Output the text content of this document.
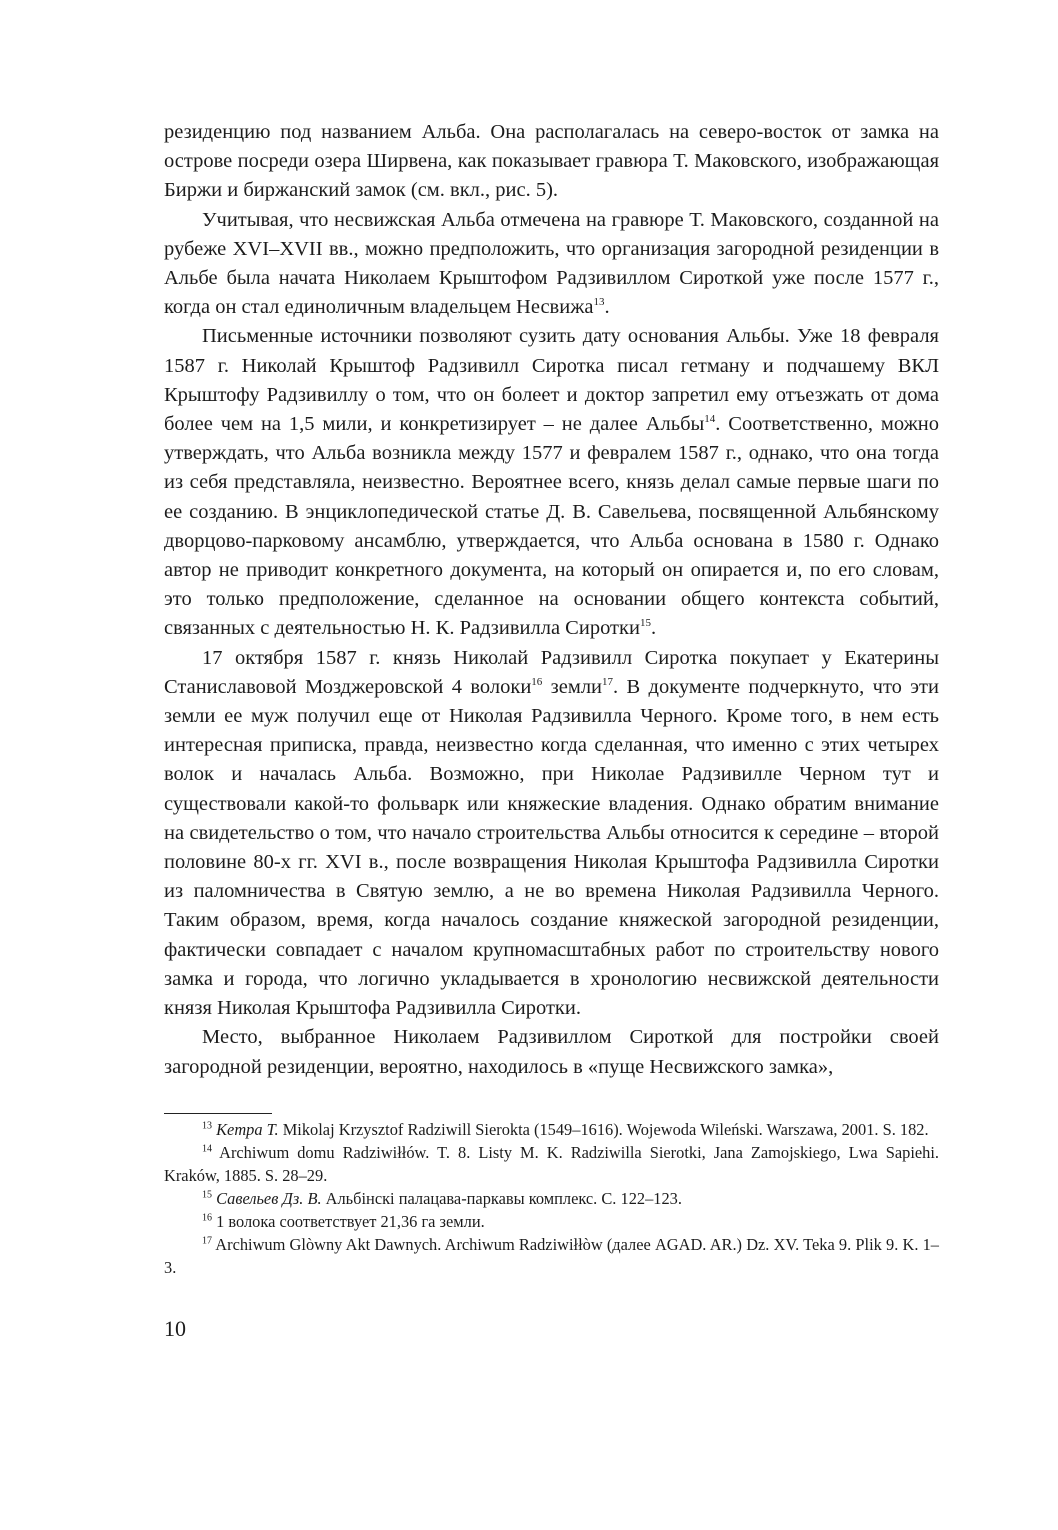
резиденцию под названием Альба. Она располагалась на северо-восток от замка на острове посреди озера Ширвена, как показывает гравюра Т. Маковского, изображающая Биржи и биржанский замок (см. вкл., рис. 5).

Учитывая, что несвижская Альба отмечена на гравюре Т. Маковского, созданной на рубеже XVI–XVII вв., можно предположить, что организация загородной резиденции в Альбе была начата Николаем Крыштофом Радзивиллом Сироткой уже после 1577 г., когда он стал единоличным владельцем Несвижа$^{13}$.

Письменные источники позволяют сузить дату основания Альбы. Уже 18 февраля 1587 г. Николай Крыштоф Радзивилл Сиротка писал гетману и подчашему ВКЛ Крыштофу Радзивиллу о том, что он болеет и доктор запретил ему отъезжать от дома более чем на 1,5 мили, и конкретизирует – не далее Альбы$^{14}$. Соответственно, можно утверждать, что Альба возникла между 1577 и февралем 1587 г., однако, что она тогда из себя представляла, неизвестно. Вероятнее всего, князь делал самые первые шаги по ее созданию. В энциклопедической статье Д. В. Савельева, посвященной Альбянскому дворцово-парковому ансамблю, утверждается, что Альба основана в 1580 г. Однако автор не приводит конкретного документа, на который он опирается и, по его словам, это только предположение, сделанное на основании общего контекста событий, связанных с деятельностью Н. К. Радзивилла Сиротки$^{15}$.

17 октября 1587 г. князь Николай Радзивилл Сиротка покупает у Екатерины Станиславовой Мозджеровской 4 волоки$^{16}$ земли$^{17}$. В документе подчеркнуто, что эти земли ее муж получил еще от Николая Радзивилла Черного. Кроме того, в нем есть интересная приписка, правда, неизвестно когда сделанная, что именно с этих четырех волок и началась Альба. Возможно, при Николае Радзивилле Черном тут и существовали какой-то фольварк или княжеские владения. Однако обратим внимание на свидетельство о том, что начало строительства Альбы относится к середине – второй половине 80-х гг. XVI в., после возвращения Николая Крыштофа Радзивилла Сиротки из паломничества в Святую землю, а не во времена Николая Радзивилла Черного. Таким образом, время, когда началось создание княжеской загородной резиденции, фактически совпадает с началом крупномасштабных работ по строительству нового замка и города, что логично укладывается в хронологию несвижской деятельности князя Николая Крыштофа Радзивилла Сиротки.

Место, выбранное Николаем Радзивиллом Сироткой для постройки своей загородной резиденции, вероятно, находилось в «пуще Несвижского замка»,

$^{13}$ Kempa T. Mikolaj Krzysztof Radziwill Sierokta (1549–1616). Wojewoda Wileński. Warszawa, 2001. S. 182.

$^{14}$ Archiwum domu Radziwiłłów. T. 8. Listy M. K. Radziwilla Sierotki, Jana Zamojskiego, Lwa Sapiehi. Kraków, 1885. S. 28–29.

$^{15}$ Савельев Дз. В. Альбінскі палацава-паркавы комплекс. С. 122–123.

$^{16}$ 1 волока соответствует 21,36 га земли.

$^{17}$ Archiwum Glòwny Akt Dawnych. Archiwum Radziwiłłòw (далее AGAD. AR.) Dz. XV. Teka 9. Plik 9. K. 1–3.

10
